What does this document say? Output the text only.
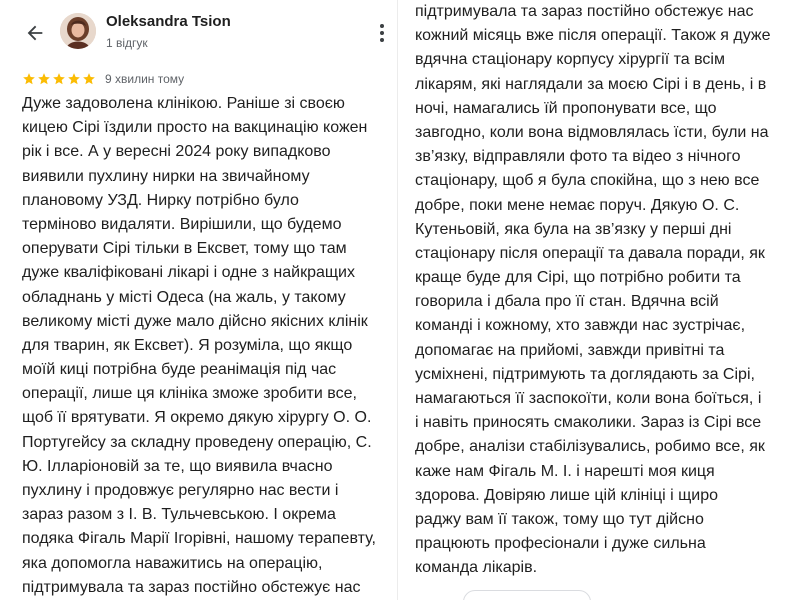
Oleksandra Tsion
1 відгук
9 хвилин тому
Дуже задоволена клінікою. Раніше зі своєю
кицею Сірі їздили просто на вакцинацію кожен
рік і все. А у вересні 2024 року випадково
виявили пухлину нирки на звичайному
плановому УЗД. Нирку потрібно було
терміново видаляти. Вирішили, що будемо
оперувати Сірі тільки в Ексвет, тому що там
дуже кваліфіковані лікарі і одне з найкращих
обладнань у місті Одеса (на жаль, у такому
великому місті дуже мало дійсно якісних клінік
для тварин, як Ексвет). Я розуміла, що якщо
моїй киці потрібна буде реанімація під час
операції, лише ця клініка зможе зробити все,
щоб її врятувати. Я окремо дякую хірургу О. О.
Португейсу за складну проведену операцію, С.
Ю. Ілларіоновій за те, що виявила вчасно
пухлину і продовжує регулярно нас вести і
зараз разом з І. В. Тульчевською. І окрема
подяка Фігаль Марії Ігорівні, нашому терапевту,
яка допомогла наважитись на операцію,
підтримувала та зараз постійно обстежує нас
підтримувала та зараз постійно обстежує нас
кожний місяць вже після операції. Також я дуже
вдячна стаціонару корпусу хірургії та всім
лікарям, які наглядали за моєю Сірі і в день, і в
ночі, намагались їй пропонувати все, що
завгодно, коли вона відмовлялась їсти, були на
зв’язку, відправляли фото та відео з нічного
стаціонару, щоб я була спокійна, що з нею все
добре, поки мене немає поруч. Дякую О. С.
Кутеньовій, яка була на зв’язку у перші дні
стаціонару після операції та давала поради, як
краще буде для Сірі, що потрібно робити та
говорила і дбала про її стан. Вдячна всій
команді і кожному, хто завжди нас зустрічає,
допомагає на прийомі, завжди привітні та
усміхнені, підтримують та доглядають за Сірі,
намагаються її заспокоїти, коли вона боїться, і
і навіть приносять смаколики. Зараз із Сірі все
добре, аналізи стабілізувались, робимо все, як
каже нам Фігаль М. І. і нарешті моя киця
здорова. Довіряю лише цій клініці і щиро
раджу вам її також, тому що тут дійсно
працюють професіонали і дуже сильна
команда лікарів.
